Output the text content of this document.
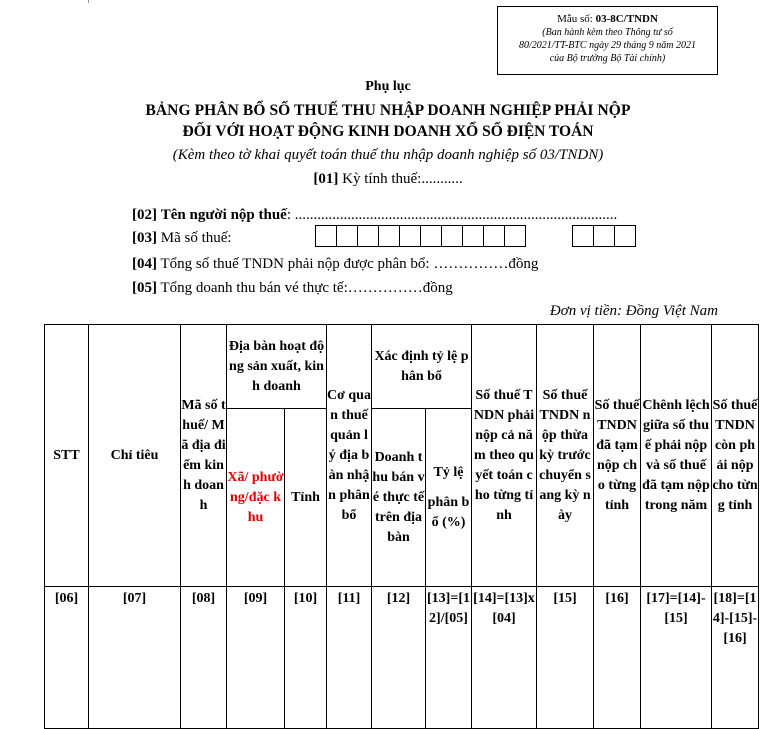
Mẫu số: 03-8C/TNDN
(Ban hành kèm theo Thông tư số
80/2021/TT-BTC ngày 29 tháng 9 năm 2021
của Bộ trưởng Bộ Tài chính)
Phụ lục
BẢNG PHÂN BỔ SỐ THUẾ THU NHẬP DOANH NGHIỆP PHẢI NỘP
ĐỐI VỚI HOẠT ĐỘNG KINH DOANH XỔ SỐ ĐIỆN TOÁN
(Kèm theo tờ khai quyết toán thuế thu nhập doanh nghiệp số 03/TNDN)
[01] Kỳ tính thuế:...........
[02] Tên người nộp thuế: ......................................................................................
[03] Mã số thuế:
[04] Tổng số thuế TNDN phải nộp được phân bổ: ……………đồng
[05] Tổng doanh thu bán vé thực tế:……………đồng
Đơn vị tiền: Đồng Việt Nam
STT	Chỉ tiêu	Mã số thuế/ Mã địa điểm kinh doanh	Địa bàn hoạt động sản xuất, kinh doanh		Cơ quan thuế quản lý địa bàn nhận phân bổ	Xác định tỷ lệ phân bổ		Số thuế TNDN phải nộp cả năm theo quyết toán cho từng tỉnh	Số thuế TNDN nộp thừa kỳ trước chuyển sang kỳ này	Số thuế TNDN đã tạm nộp cho từng tỉnh	Chênh lệch giữa số thuế phải nộp và số thuế đã tạm nộp trong năm	Số thuế TNDN còn phải nộp cho từng tỉnh
			Xã/ phường/đặc khu	Tỉnh		Doanh thu bán vé thực tế trên địa bàn	Tỷ lệ
phân bổ (%)					

[06]	[07]	[08]	[09]	[10]	[11]	[12]	[13]=[12]/[05]	[14]=[13]x[04]	[15]	[16]	[17]=[14]-[15]	[18]=[14]-[15]-[16]
